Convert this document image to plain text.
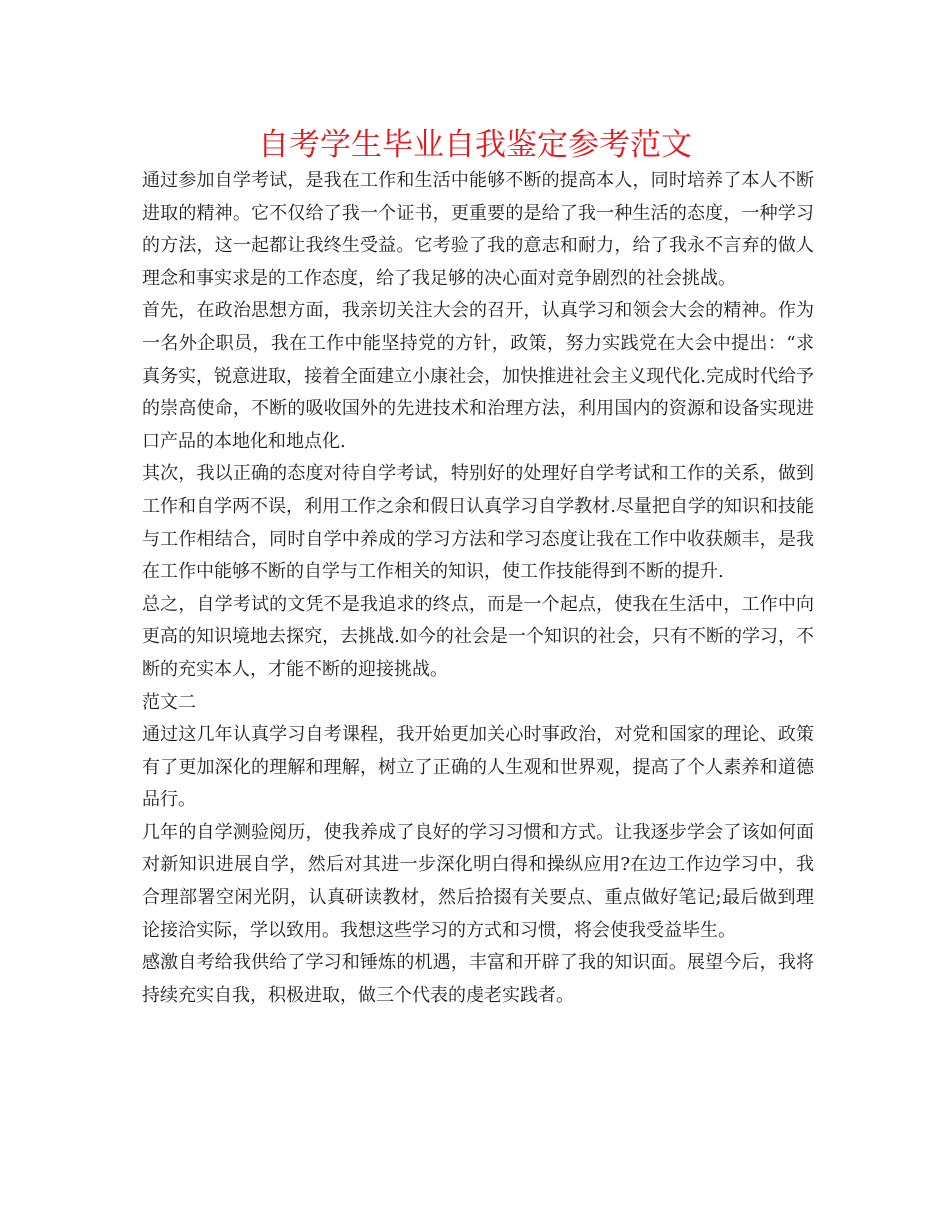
自考学生毕业自我鉴定参考范文

通过参加自学考试，是我在工作和生活中能够不断的提高本人，同时培养了本人不断进取的精神。它不仅给了我一个证书，更重要的是给了我一种生活的态度，一种学习的方法，这一起都让我终生受益。它考验了我的意志和耐力，给了我永不言弃的做人理念和事实求是的工作态度，给了我足够的决心面对竞争剧烈的社会挑战。

首先，在政治思想方面，我亲切关注大会的召开，认真学习和领会大会的精神。作为一名外企职员，我在工作中能坚持党的方针，政策，努力实践党在大会中提出：“求真务实，锐意进取，接着全面建立小康社会，加快推进社会主义现代化.完成时代给予的崇高使命，不断的吸收国外的先进技术和治理方法，利用国内的资源和设备实现进口产品的本地化和地点化.

其次，我以正确的态度对待自学考试，特别好的处理好自学考试和工作的关系，做到工作和自学两不误，利用工作之余和假日认真学习自学教材.尽量把自学的知识和技能与工作相结合，同时自学中养成的学习方法和学习态度让我在工作中收获颇丰，是我在工作中能够不断的自学与工作相关的知识，使工作技能得到不断的提升.

总之，自学考试的文凭不是我追求的终点，而是一个起点，使我在生活中，工作中向更高的知识境地去探究，去挑战.如今的社会是一个知识的社会，只有不断的学习，不断的充实本人，才能不断的迎接挑战。

范文二

通过这几年认真学习自考课程，我开始更加关心时事政治，对党和国家的理论、政策有了更加深化的理解和理解，树立了正确的人生观和世界观，提高了个人素养和道德品行。

几年的自学测验阅历，使我养成了良好的学习习惯和方式。让我逐步学会了该如何面对新知识进展自学，然后对其进一步深化明白得和操纵应用?在边工作边学习中，我合理部署空闲光阴，认真研读教材，然后拾掇有关要点、重点做好笔记;最后做到理论接洽实际，学以致用。我想这些学习的方式和习惯，将会使我受益毕生。

感激自考给我供给了学习和锤炼的机遇，丰富和开辟了我的知识面。展望今后，我将持续充实自我，积极进取，做三个代表的虔老实践者。
